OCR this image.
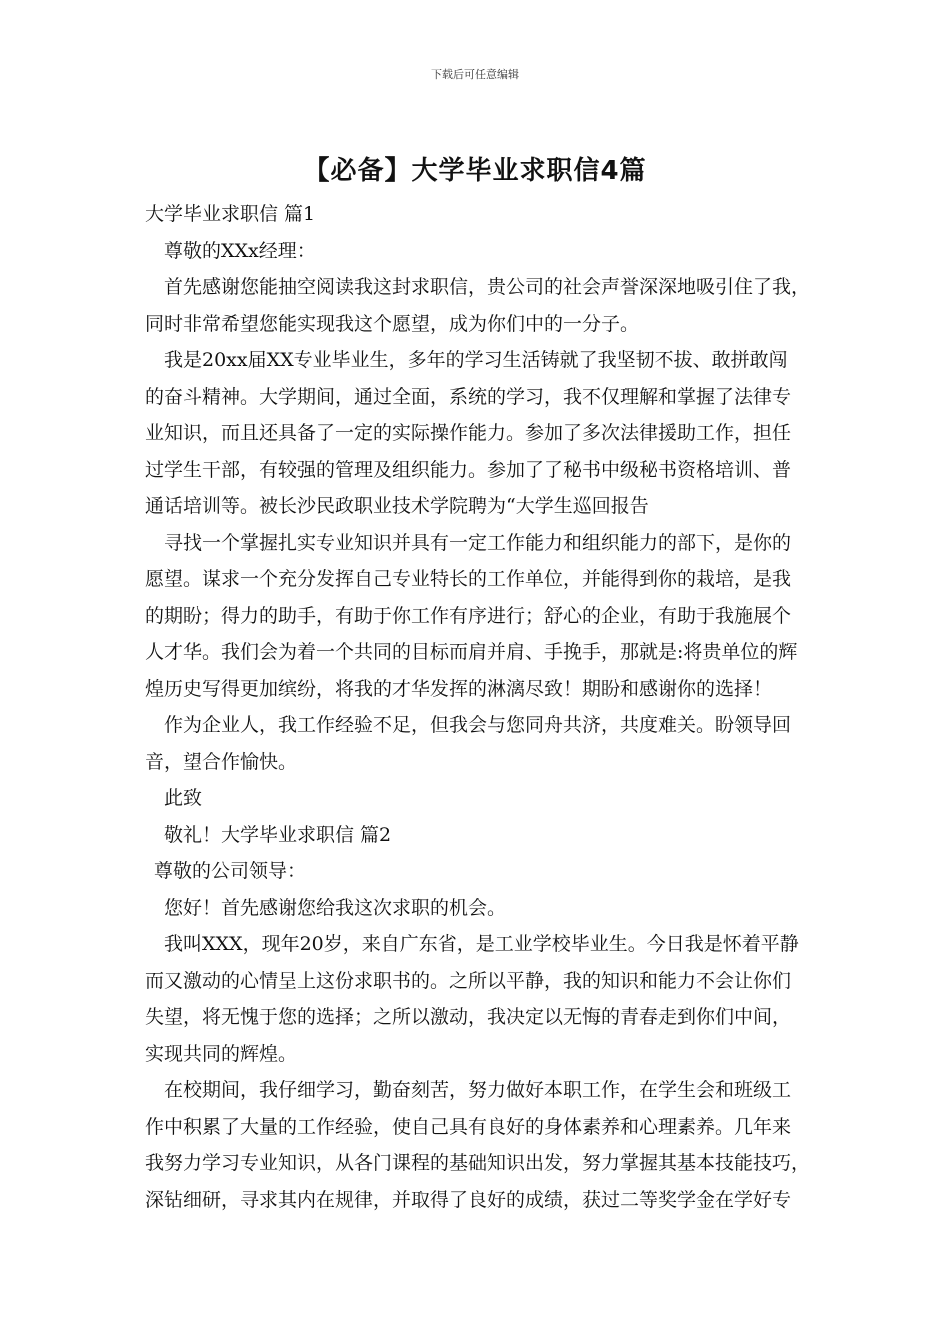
下载后可任意编辑
【必备】大学毕业求职信4篇
大学毕业求职信 篇1
尊敬的XXx经理：
首先感谢您能抽空阅读我这封求职信，贵公司的社会声誉深深地吸引住了我，
同时非常希望您能实现我这个愿望，成为你们中的一分子。
我是20xx届XX专业毕业生，多年的学习生活铸就了我坚韧不拔、敢拼敢闯
的奋斗精神。大学期间，通过全面，系统的学习，我不仅理解和掌握了法律专
业知识，而且还具备了一定的实际操作能力。参加了多次法律援助工作，担任
过学生干部，有较强的管理及组织能力。参加了了秘书中级秘书资格培训、普
通话培训等。被长沙民政职业技术学院聘为“大学生巡回报告
寻找一个掌握扎实专业知识并具有一定工作能力和组织能力的部下，是你的
愿望。谋求一个充分发挥自己专业特长的工作单位，并能得到你的栽培，是我
的期盼；得力的助手，有助于你工作有序进行；舒心的企业，有助于我施展个
人才华。我们会为着一个共同的目标而肩并肩、手挽手，那就是:将贵单位的辉
煌历史写得更加缤纷，将我的才华发挥的淋漓尽致！期盼和感谢你的选择！
作为企业人，我工作经验不足，但我会与您同舟共济，共度难关。盼领导回
音，望合作愉快。
此致
敬礼！大学毕业求职信 篇2
尊敬的公司领导：
您好！首先感谢您给我这次求职的机会。
我叫XXX，现年20岁，来自广东省，是工业学校毕业生。今日我是怀着平静
而又激动的心情呈上这份求职书的。之所以平静，我的知识和能力不会让你们
失望，将无愧于您的选择；之所以激动，我决定以无悔的青春走到你们中间，
实现共同的辉煌。
在校期间，我仔细学习，勤奋刻苦，努力做好本职工作，在学生会和班级工
作中积累了大量的工作经验，使自己具有良好的身体素养和心理素养。几年来
我努力学习专业知识，从各门课程的基础知识出发，努力掌握其基本技能技巧，
深钻细研，寻求其内在规律，并取得了良好的成绩，获过二等奖学金在学好专
